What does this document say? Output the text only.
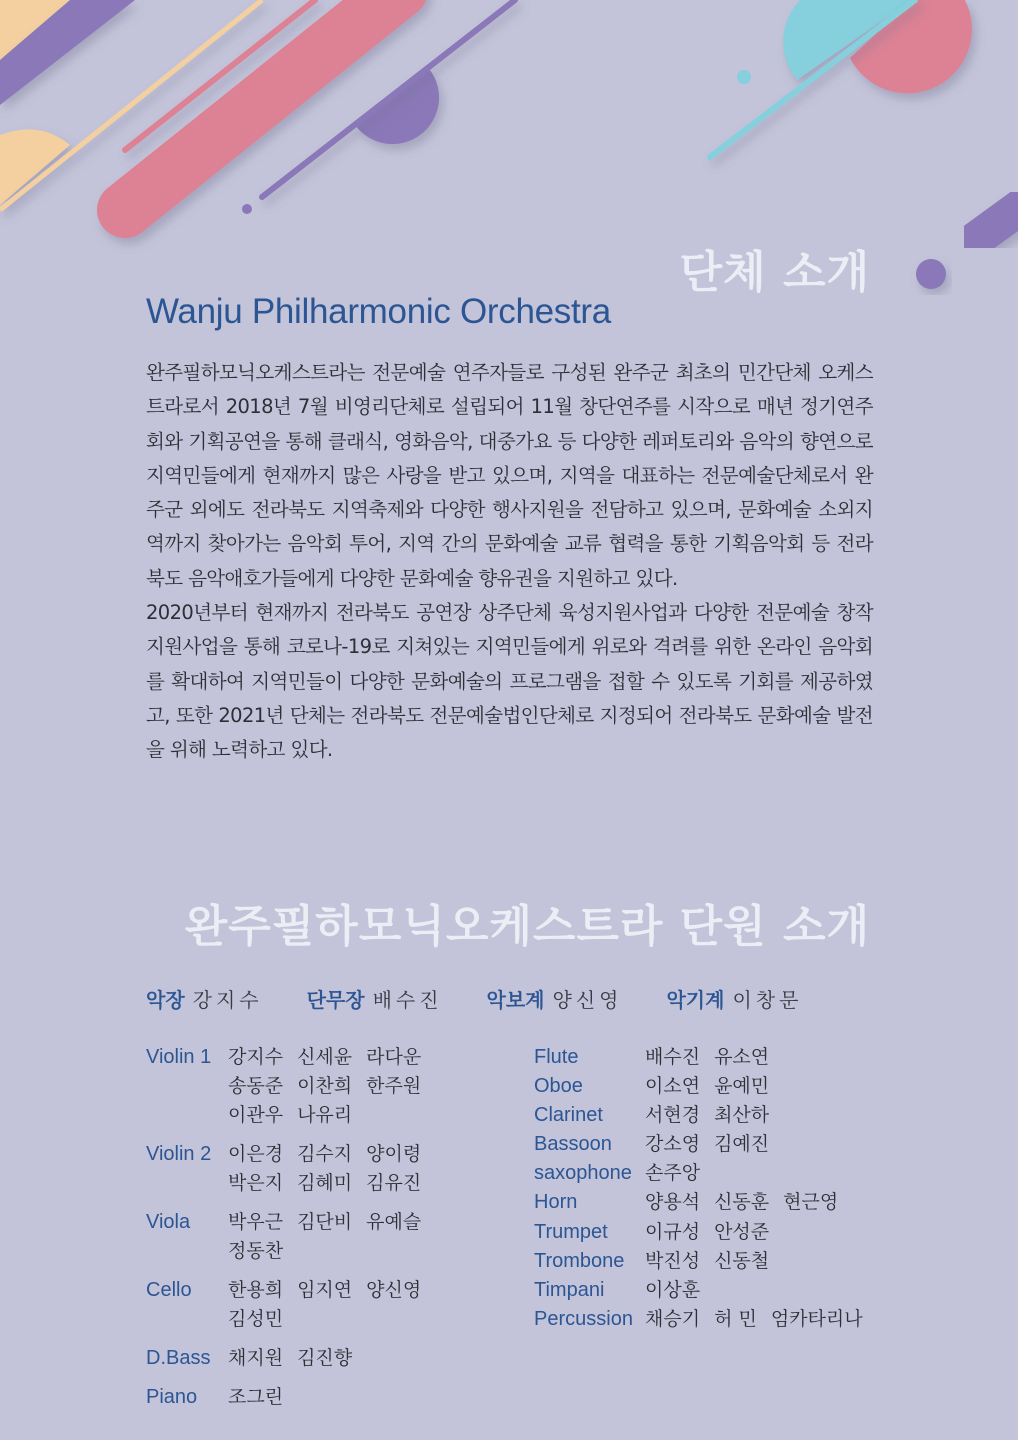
단체 소개
Wanju Philharmonic Orchestra

완주필하모닉오케스트라는 전문예술 연주자들로 구성된 완주군 최초의 민간단체 오케스트라로서 2018년 7월 비영리단체로 설립되어 11월 창단연주를 시작으로 매년 정기연주회와 기획공연을 통해 클래식, 영화음악, 대중가요 등 다양한 레퍼토리와 음악의 향연으로 지역민들에게 현재까지 많은 사랑을 받고 있으며, 지역을 대표하는 전문예술단체로서 완주군 외에도 전라북도 지역축제와 다양한 행사지원을 전담하고 있으며, 문화예술 소외지역까지 찾아가는 음악회 투어, 지역 간의 문화예술 교류 협력을 통한 기획음악회 등 전라북도 음악애호가들에게 다양한 문화예술 향유권을 지원하고 있다.

2020년부터 현재까지 전라북도 공연장 상주단체 육성지원사업과 다양한 전문예술 창작지원사업을 통해 코로나-19로 지쳐있는 지역민들에게 위로와 격려를 위한 온라인 음악회를 확대하여 지역민들이 다양한 문화예술의 프로그램을 접할 수 있도록 기회를 제공하였고, 또한 2021년 단체는 전라북도 전문예술법인단체로 지정되어 전라북도 문화예술 발전을 위해 노력하고 있다.

완주필하모닉오케스트라 단원 소개
악장 강지수 단무장 배수진 악보계 양신영 악기계 이창문
Violin 1 강지수 신세윤 라다운
송동준 이찬희 한주원
이관우 나유리
Violin 2 이은경 김수지 양이령
박은지 김혜미 김유진
Viola	박우근 김단비 유예슬
정동찬
Cello	한용희 임지연 양신영
김성민
D.Bass 채지원 김진향
Piano	조그린
Flute	배수진 유소연
Oboe	이소연 윤예민
Clarinet	서현경 최산하
Bassoon	강소영 김예진
saxophone 손주앙
Horn	양용석 신동훈 현근영
Trumpet	이규성 안성준
Trombone	박진성 신동철
Timpani	이상훈
Percussion 채승기 허 민 엄카타리나
